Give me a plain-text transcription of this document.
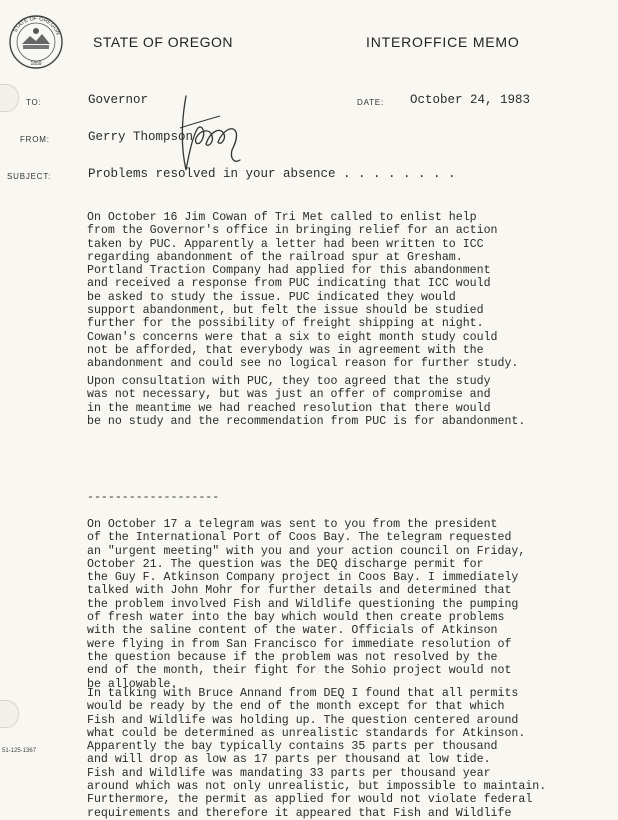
STATE OF OREGON
1859
STATE OF OREGON	INTEROFFICE MEMO
TO:	Governor	DATE: October 24, 1983
FROM:	Gerry Thompson
SUBJECT:	Problems resolved in your absence . . . . . . . .

On October 16 Jim Cowan of Tri Met called to enlist help
from the Governor's office in bringing relief for an action
taken by PUC. Apparently a letter had been written to ICC
regarding abandonment of the railroad spur at Gresham.
Portland Traction Company had applied for this abandonment
and received a response from PUC indicating that ICC would
be asked to study the issue. PUC indicated they would
support abandonment, but felt the issue should be studied
further for the possibility of freight shipping at night.
Cowan's concerns were that a six to eight month study could
not be afforded, that everybody was in agreement with the
abandonment and could see no logical reason for further study.

Upon consultation with PUC, they too agreed that the study
was not necessary, but was just an offer of compromise and
in the meantime we had reached resolution that there would
be no study and the recommendation from PUC is for abandonment.

-------------------

On October 17 a telegram was sent to you from the president
of the International Port of Coos Bay. The telegram requested
an "urgent meeting" with you and your action council on Friday,
October 21. The question was the DEQ discharge permit for
the Guy F. Atkinson Company project in Coos Bay. I immediately
talked with John Mohr for further details and determined that
the problem involved Fish and Wildlife questioning the pumping
of fresh water into the bay which would then create problems
with the saline content of the water. Officials of Atkinson
were flying in from San Francisco for immediate resolution of
the question because if the problem was not resolved by the
end of the month, their fight for the Sohio project would not
be allowable.

In talking with Bruce Annand from DEQ I found that all permits
would be ready by the end of the month except for that which
Fish and Wildlife was holding up. The question centered around
what could be determined as unrealistic standards for Atkinson.
Apparently the bay typically contains 35 parts per thousand
and will drop as low as 17 parts per thousand at low tide.
Fish and Wildlife was mandating 33 parts per thousand year
around which was not only unrealistic, but impossible to maintain.
Furthermore, the permit as applied for would not violate federal
requirements and therefore it appeared that Fish and Wildlife

51-125-1367
